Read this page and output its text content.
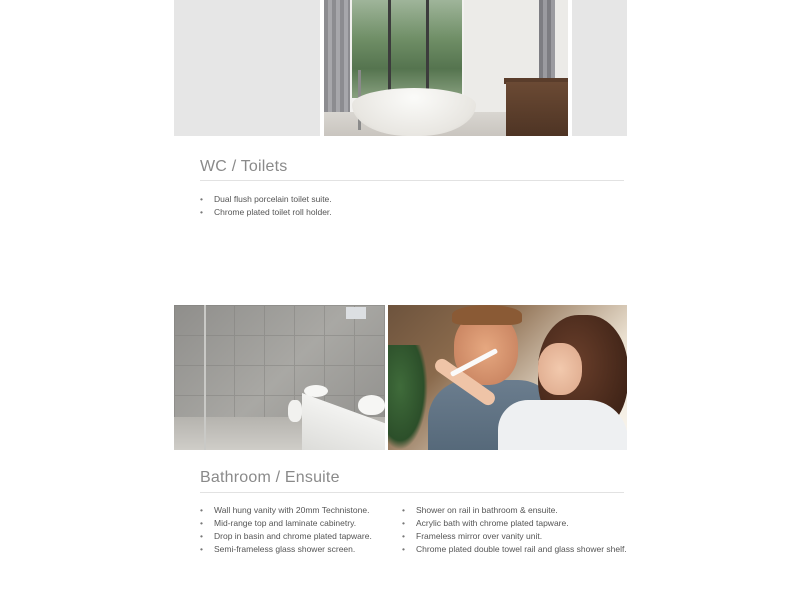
WC / Toilets
• Dual flush porcelain toilet suite.
• Chrome plated toilet roll holder.
Bathroom / Ensuite
• Wall hung vanity with 20mm Technistone.
• Mid-range top and laminate cabinetry.
• Drop in basin and chrome plated tapware.
• Semi-frameless glass shower screen.
• Shower on rail in bathroom & ensuite.
• Acrylic bath with chrome plated tapware.
• Frameless mirror over vanity unit.
• Chrome plated double towel rail and glass shower shelf.
